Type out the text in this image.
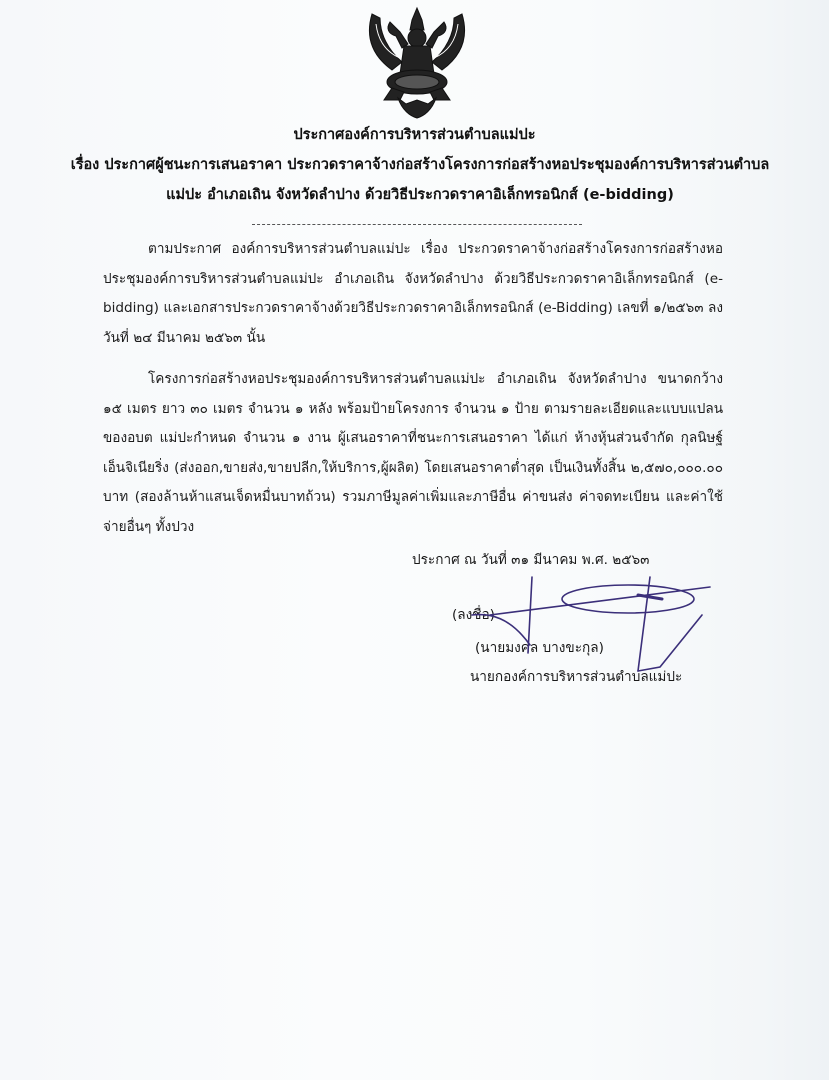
ประกาศองค์การบริหารส่วนตำบลแม่ปะ
เรื่อง ประกาศผู้ชนะการเสนอราคา ประกวดราคาจ้างก่อสร้างโครงการก่อสร้างหอประชุมองค์การบริหารส่วนตำบลแม่ปะ อำเภอเถิน จังหวัดลำปาง ด้วยวิธีประกวดราคาอิเล็กทรอนิกส์ (e-bidding)
ตามประกาศ องค์การบริหารส่วนตำบลแม่ปะ เรื่อง ประกวดราคาจ้างก่อสร้างโครงการก่อสร้างหอประชุมองค์การบริหารส่วนตำบลแม่ปะ อำเภอเถิน จังหวัดลำปาง ด้วยวิธีประกวดราคาอิเล็กทรอนิกส์ (e-bidding) และเอกสารประกวดราคาจ้างด้วยวิธีประกวดราคาอิเล็กทรอนิกส์ (e-Bidding) เลขที่ ๑/๒๕๖๓ ลงวันที่ ๒๔ มีนาคม ๒๕๖๓ นั้น
โครงการก่อสร้างหอประชุมองค์การบริหารส่วนตำบลแม่ปะ อำเภอเถิน จังหวัดลำปาง ขนาดกว้าง ๑๕ เมตร ยาว ๓๐ เมตร จำนวน ๑ หลัง พร้อมป้ายโครงการ จำนวน ๑ ป้าย ตามรายละเอียดและแบบแปลนของอบต แม่ปะกำหนด จำนวน ๑ งาน ผู้เสนอราคาที่ชนะการเสนอราคา ได้แก่ ห้างหุ้นส่วนจำกัด กุลนิษฐ์ เอ็นจิเนียริ่ง (ส่งออก,ขายส่ง,ขายปลีก,ให้บริการ,ผู้ผลิต) โดยเสนอราคาต่ำสุด เป็นเงินทั้งสิ้น ๒,๕๗๐,๐๐๐.๐๐ บาท (สองล้านห้าแสนเจ็ดหมื่นบาทถ้วน) รวมภาษีมูลค่าเพิ่มและภาษีอื่น ค่าขนส่ง ค่าจดทะเบียน และค่าใช้จ่ายอื่นๆ ทั้งปวง
ประกาศ ณ วันที่ ๓๑ มีนาคม พ.ศ. ๒๕๖๓
(ลงชื่อ)
(นายมงคล บางขะกุล)
นายกองค์การบริหารส่วนตำบลแม่ปะ
